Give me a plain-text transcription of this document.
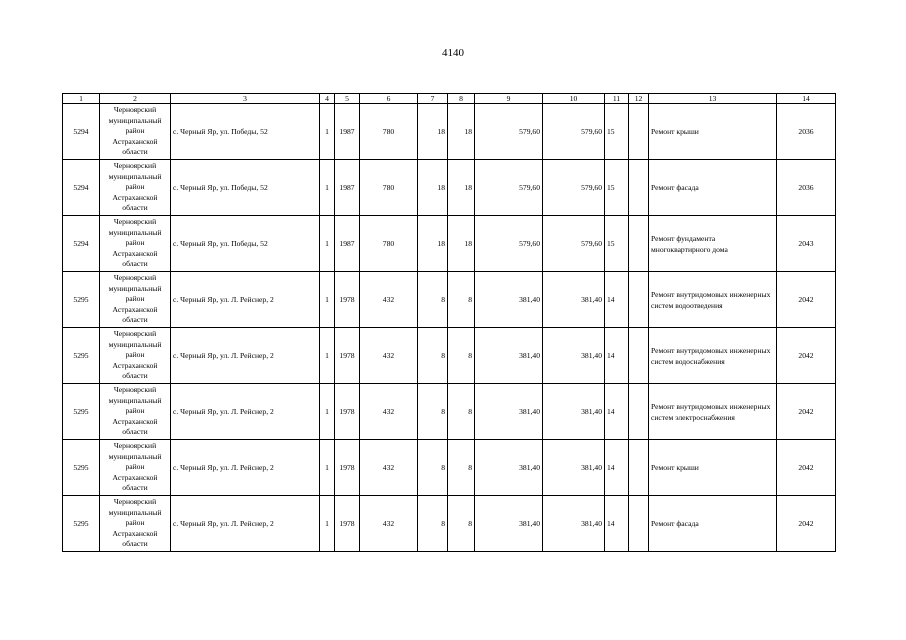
4140
1	2	3	4	5	6	7	8	9	10	11	12	13	14
5294	Черноярский
муниципальный
район
Астраханской
области	с. Черный Яр, ул. Победы, 52	1	1987	780	18	18	579,60	579,60	15		Ремонт крыши	2036
5294	Черноярский
муниципальный
район
Астраханской
области	с. Черный Яр, ул. Победы, 52	1	1987	780	18	18	579,60	579,60	15		Ремонт фасада	2036
5294	Черноярский
муниципальный
район
Астраханской
области	с. Черный Яр, ул. Победы, 52	1	1987	780	18	18	579,60	579,60	15		Ремонт фундамента многоквартирного дома	2043
5295	Черноярский
муниципальный
район
Астраханской
области	с. Черный Яр, ул. Л. Рейснер, 2	1	1978	432	8	8	381,40	381,40	14		Ремонт внутридомовых инженерных систем водоотведения	2042
5295	Черноярский
муниципальный
район
Астраханской
области	с. Черный Яр, ул. Л. Рейснер, 2	1	1978	432	8	8	381,40	381,40	14		Ремонт внутридомовых инженерных систем водоснабжения	2042
5295	Черноярский
муниципальный
район
Астраханской
области	с. Черный Яр, ул. Л. Рейснер, 2	1	1978	432	8	8	381,40	381,40	14		Ремонт внутридомовых инженерных систем электроснабжения	2042
5295	Черноярский
муниципальный
район
Астраханской
области	с. Черный Яр, ул. Л. Рейснер, 2	1	1978	432	8	8	381,40	381,40	14		Ремонт крыши	2042
5295	Черноярский
муниципальный
район
Астраханской
области	с. Черный Яр, ул. Л. Рейснер, 2	1	1978	432	8	8	381,40	381,40	14		Ремонт фасада	2042
